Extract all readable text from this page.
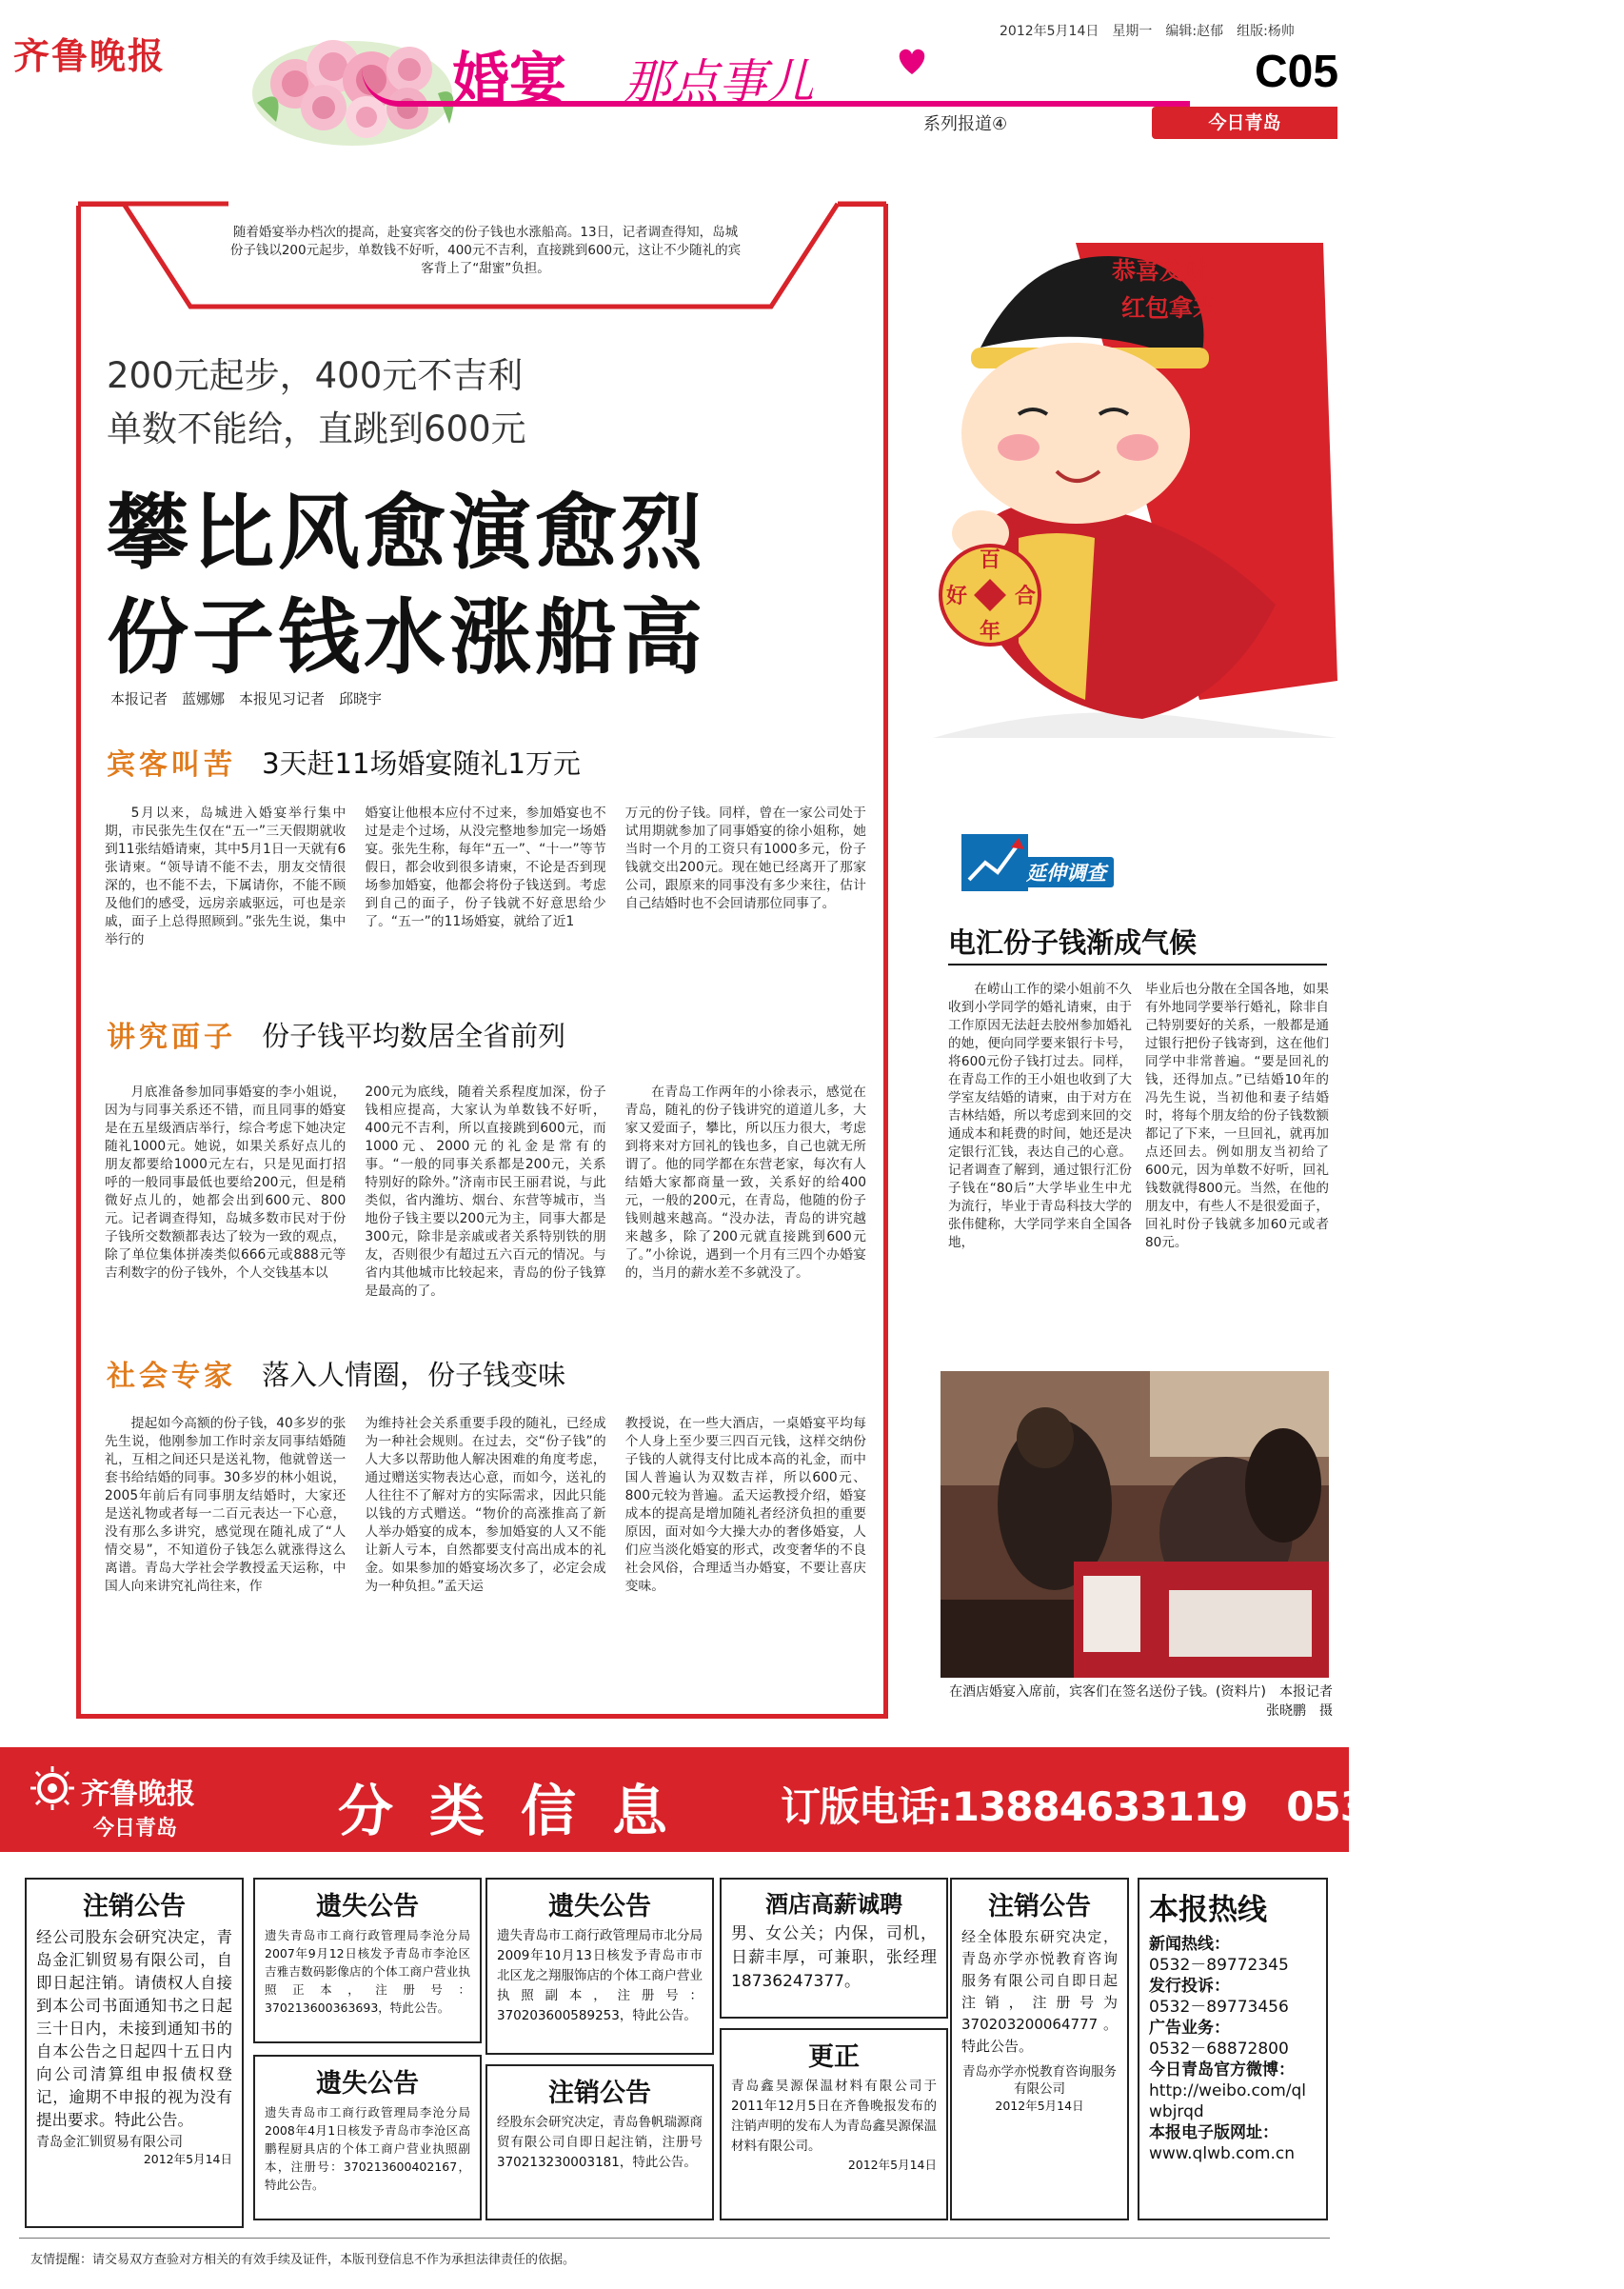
齐鲁晚报	婚宴 那点事儿
系列报道④
2012年5月14日　星期一　编辑:赵郁　组版:杨帅
C05
今日青岛
随着婚宴举办档次的提高，赴宴宾客交的份子钱也水涨船高。13日，记者调查得知，岛城份子钱以200元起步，单数钱不好听，400元不吉利，直接跳到600元，这让不少随礼的宾客背上了“甜蜜”负担。
200元起步，400元不吉利
单数不能给，直跳到600元
攀比风愈演愈烈
份子钱水涨船高
本报记者　蓝娜娜　本报见习记者　邱晓宇
宾客叫苦 3天赶11场婚宴随礼1万元

5月以来，岛城进入婚宴举行集中期，市民张先生仅在“五一”三天假期就收到11张结婚请柬，其中5月1日一天就有6张请柬。“领导请不能不去，朋友交情很深的，也不能不去，下属请你，不能不顾及他们的感受，远房亲戚驱远，可也是亲戚，面子上总得照顾到。”张先生说，集中举行的

婚宴让他根本应付不过来，参加婚宴也不过是走个过场，从没完整地参加完一场婚宴。张先生称，每年“五一”、“十一”等节假日，都会收到很多请柬，不论是否到现场参加婚宴，他都会将份子钱送到。考虑到自己的面子，份子钱就不好意思给少了。“五一”的11场婚宴，就给了近1

万元的份子钱。同样，曾在一家公司处于试用期就参加了同事婚宴的徐小姐称，她当时一个月的工资只有1000多元，份子钱就交出200元。现在她已经离开了那家公司，跟原来的同事没有多少来往，估计自己结婚时也不会回请那位同事了。

讲究面子 份子钱平均数居全省前列

月底准备参加同事婚宴的李小姐说，因为与同事关系还不错，而且同事的婚宴是在五星级酒店举行，综合考虑下她决定随礼1000元。她说，如果关系好点儿的朋友都要给1000元左右，只是见面打招呼的一般同事最低也要给200元，但是稍微好点儿的，她都会出到600元、800元。记者调查得知，岛城多数市民对于份子钱所交数额都表达了较为一致的观点，除了单位集体拼凑类似666元或888元等吉利数字的份子钱外，个人交钱基本以

200元为底线，随着关系程度加深，份子钱相应提高，大家认为单数钱不好听，400元不吉利，所以直接跳到600元，而1000元、2000元的礼金是常有的事。“一般的同事关系都是200元，关系特别好的除外。”济南市民王丽君说，与此类似，省内潍坊、烟台、东营等城市，当地份子钱主要以200元为主，同事大都是300元，除非是亲戚或者关系特别铁的朋友，否则很少有超过五六百元的情况。与省内其他城市比较起来，青岛的份子钱算是最高的了。

在青岛工作两年的小徐表示，感觉在青岛，随礼的份子钱讲究的道道儿多，大家又爱面子，攀比，所以压力很大，考虑到将来对方回礼的钱也多，自己也就无所谓了。他的同学都在东营老家，每次有人结婚大家都商量一致，关系好的给400元，一般的200元，在青岛，他随的份子钱则越来越高。“没办法，青岛的讲究越来越多，除了200元就直接跳到600元了。”小徐说，遇到一个月有三四个办婚宴的，当月的薪水差不多就没了。

社会专家 落入人情圈，份子钱变味

提起如今高额的份子钱，40多岁的张先生说，他刚参加工作时亲友同事结婚随礼，互相之间还只是送礼物，他就曾送一套书给结婚的同事。30多岁的林小姐说，2005年前后有同事朋友结婚时，大家还是送礼物或者每一二百元表达一下心意，没有那么多讲究，感觉现在随礼成了“人情交易”，不知道份子钱怎么就涨得这么离谱。青岛大学社会学教授孟天运称，中国人向来讲究礼尚往来，作

为维持社会关系重要手段的随礼，已经成为一种社会规则。在过去，交“份子钱”的人大多以帮助他人解决困难的角度考虑，通过赠送实物表达心意，而如今，送礼的人往往不了解对方的实际需求，因此只能以钱的方式赠送。“物价的高涨推高了新人举办婚宴的成本，参加婚宴的人又不能让新人亏本，自然都要支付高出成本的礼金。如果参加的婚宴场次多了，必定会成为一种负担。”孟天运

教授说，在一些大酒店，一桌婚宴平均每个人身上至少要三四百元钱，这样交纳份子钱的人就得支付比成本高的礼金，而中国人普遍认为双数吉祥，所以600元、800元较为普遍。孟天运教授介绍，婚宴成本的提高是增加随礼者经济负担的重要原因，面对如今大操大办的奢侈婚宴，人们应当淡化婚宴的形式，改变奢华的不良社会风俗，合理适当办婚宴，不要让喜庆变味。

百
好 合
年
恭喜发财
红包拿来
延伸调查
电汇份子钱渐成气候

在崂山工作的梁小姐前不久收到小学同学的婚礼请柬，由于工作原因无法赶去胶州参加婚礼的她，便向同学要来银行卡号，将600元份子钱打过去。同样，在青岛工作的王小姐也收到了大学室友结婚的请柬，由于对方在吉林结婚，所以考虑到来回的交通成本和耗费的时间，她还是决定银行汇钱，表达自己的心意。记者调查了解到，通过银行汇份子钱在“80后”大学毕业生中尤为流行，毕业于青岛科技大学的张伟健称，大学同学来自全国各地，

毕业后也分散在全国各地，如果有外地同学要举行婚礼，除非自己特别要好的关系，一般都是通过银行把份子钱寄到，这在他们同学中非常普遍。“要是回礼的钱，还得加点。”已结婚10年的冯先生说，当初他和妻子结婚时，将每个朋友给的份子钱数额都记了下来，一旦回礼，就再加点还回去。例如朋友当初给了600元，因为单数不好听，回礼钱数就得800元。当然，在他的朋友中，有些人不是很爱面子，回礼时份子钱就多加60元或者80元。

在酒店婚宴入席前，宾客们在签名送份子钱。(资料片)　本报记者　张晓鹏　摄
齐鲁晚报
今日青岛	分类信息 订版电话:13884633119　0532-81186679
注销公告
经公司股东会研究决定，青岛金汇钏贸易有限公司，自即日起注销。请债权人自接到本公司书面通知书之日起三十日内，未接到通知书的自本公告之日起四十五日内向公司清算组申报债权登记，逾期不申报的视为没有提出要求。特此公告。
青岛金汇钏贸易有限公司
2012年5月14日
遗失公告
遗失青岛市工商行政管理局李沧分局2007年9月12日核发予青岛市李沧区吉雅吉数码影像店的个体工商户营业执照正本，注册号：370213600363693，特此公告。
遗失公告
遗失青岛市工商行政管理局李沧分局2008年4月1日核发予青岛市李沧区高鹏程厨具店的个体工商户营业执照副本，注册号：370213600402167，特此公告。
遗失公告
遗失青岛市工商行政管理局市北分局2009年10月13日核发予青岛市市北区龙之翔服饰店的个体工商户营业执照副本，注册号：370203600589253，特此公告。
注销公告
经股东会研究决定，青岛鲁帆瑞源商贸有限公司自即日起注销，注册号370213230003181，特此公告。
酒店高薪诚聘
男、女公关；内保，司机，日薪丰厚，可兼职，张经理18736247377。
更正
青岛鑫昊源保温材料有限公司于2011年12月5日在齐鲁晚报发布的注销声明的发布人为青岛鑫昊源保温材料有限公司。
2012年5月14日
注销公告
经全体股东研究决定，青岛亦学亦悦教育咨询服务有限公司自即日起注销，注册号为370203200064777。特此公告。
青岛亦学亦悦教育咨询服务有限公司
2012年5月14日
本报热线
新闻热线：
0532－89772345
发行投诉：
0532－89773456
广告业务：
0532－68872800
今日青岛官方微博：
http://weibo.com/qlwbjrqd
本报电子版网址：
www.qlwb.com.cn
友情提醒：请交易双方查验对方相关的有效手续及证件，本版刊登信息不作为承担法律责任的依据。
